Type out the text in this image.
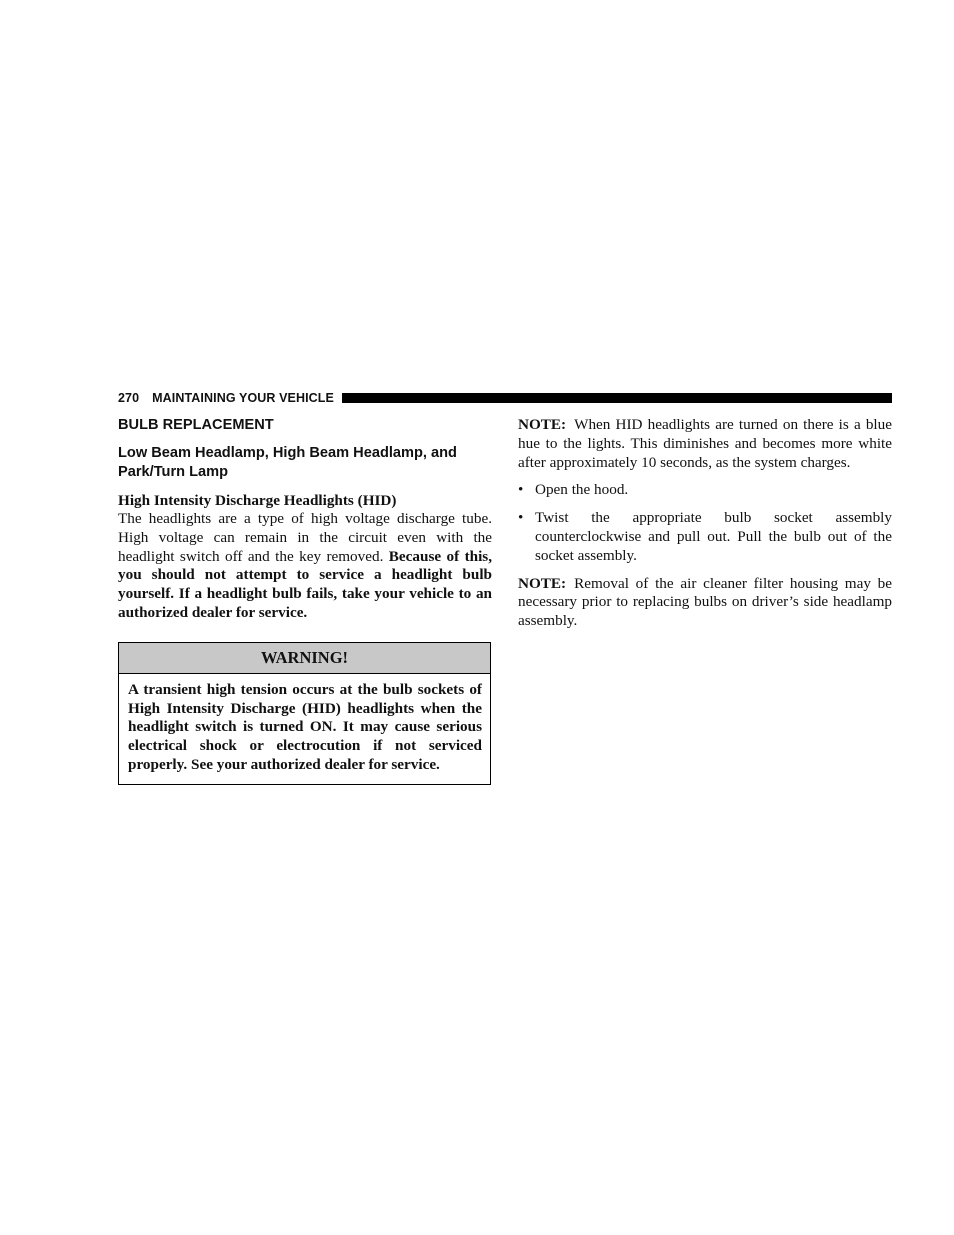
270 MAINTAINING YOUR VEHICLE
BULB REPLACEMENT
Low Beam Headlamp, High Beam Headlamp, and Park/Turn Lamp
High Intensity Discharge Headlights (HID)

The headlights are a type of high voltage discharge tube. High voltage can remain in the circuit even with the headlight switch off and the key removed. Because of this, you should not attempt to service a headlight bulb yourself. If a headlight bulb fails, take your vehicle to an authorized dealer for service.

WARNING!
A transient high tension occurs at the bulb sockets of High Intensity Discharge (HID) headlights when the headlight switch is turned ON. It may cause serious electrical shock or electrocution if not serviced properly. See your authorized dealer for service.

NOTE: When HID headlights are turned on there is a blue hue to the lights. This diminishes and becomes more white after approximately 10 seconds, as the system charges.

• Open the hood.
• Twist the appropriate bulb socket assembly counterclockwise and pull out. Pull the bulb out of the socket assembly.

NOTE: Removal of the air cleaner filter housing may be necessary prior to replacing bulbs on driver’s side headlamp assembly.
